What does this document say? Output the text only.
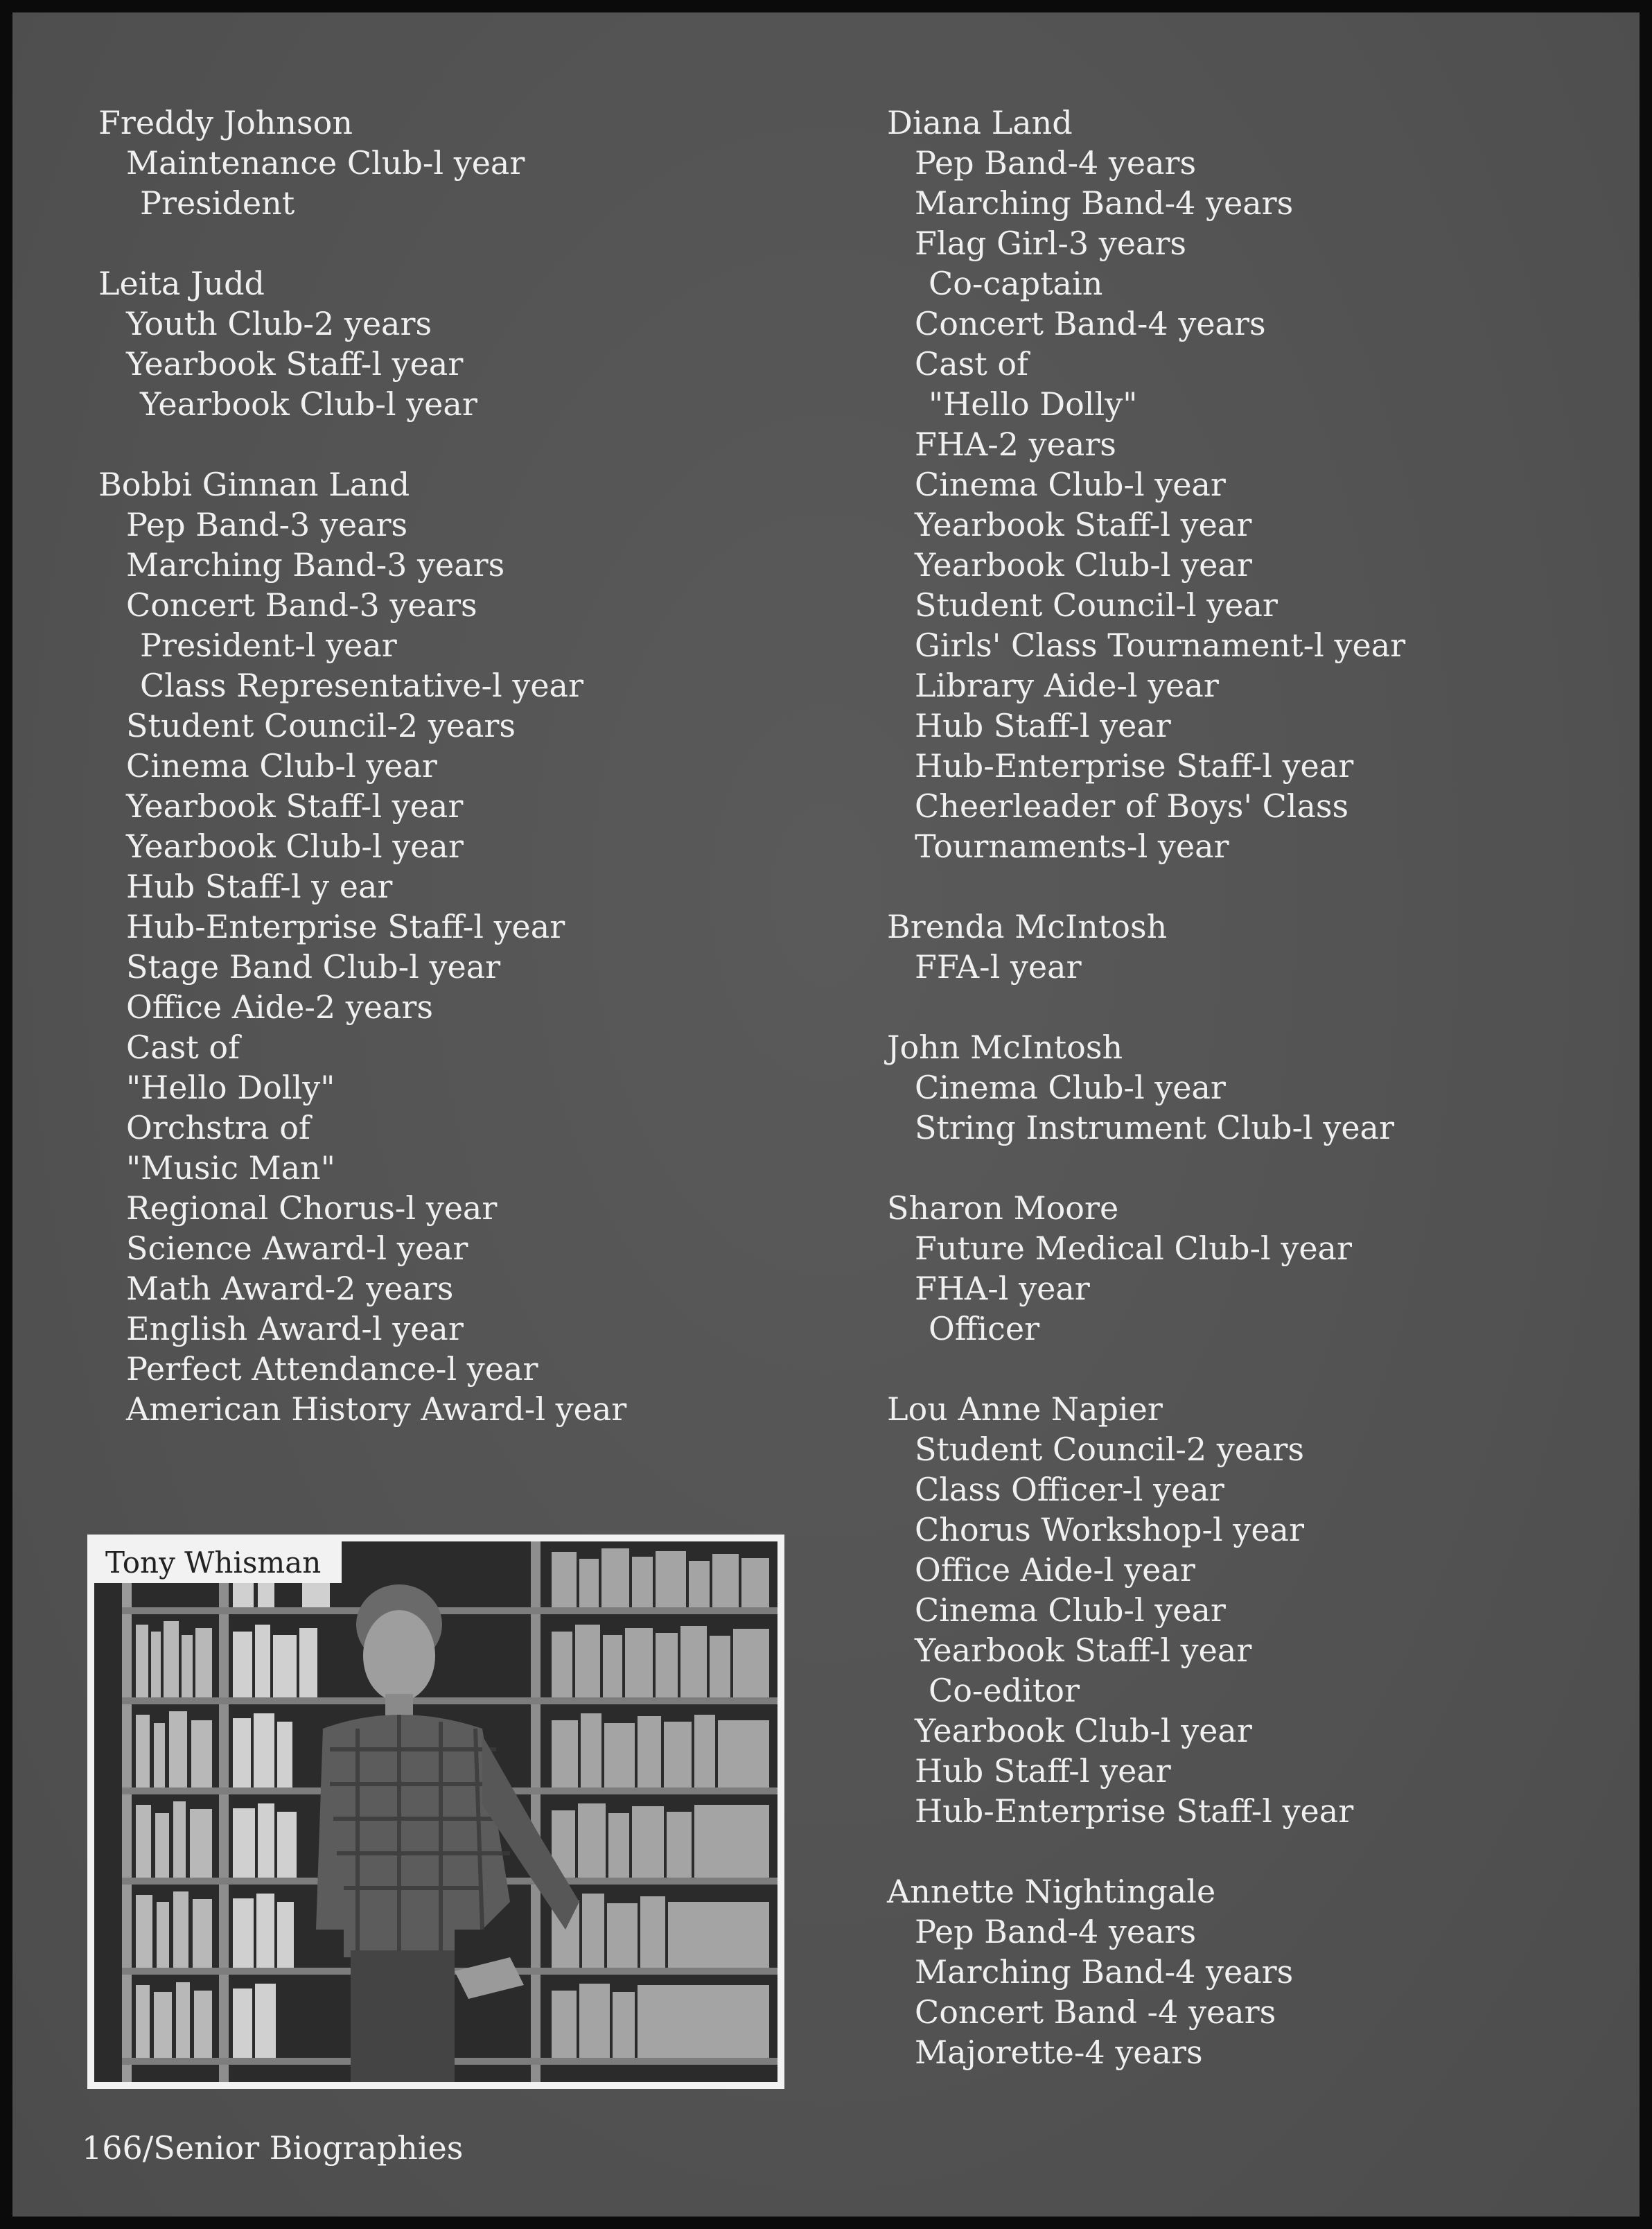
Freddy Johnson
Maintenance Club-l year
President
Leita Judd
Youth Club-2 years
Yearbook Staff-l year
Yearbook Club-l year
Bobbi Ginnan Land
Pep Band-3 years
Marching Band-3 years
Concert Band-3 years
President-l year
Class Representative-l year
Student Council-2 years
Cinema Club-l year
Yearbook Staff-l year
Yearbook Club-l year
Hub Staff-l y ear
Hub-Enterprise Staff-l year
Stage Band Club-l year
Office Aide-2 years
Cast of
"Hello Dolly"
Orchstra of
"Music Man"
Regional Chorus-l year
Science Award-l year
Math Award-2 years
English Award-l year
Perfect Attendance-l year
American History Award-l year
Diana Land
Pep Band-4 years
Marching Band-4 years
Flag Girl-3 years
Co-captain
Concert Band-4 years
Cast of
"Hello Dolly"
FHA-2 years
Cinema Club-l year
Yearbook Staff-l year
Yearbook Club-l year
Student Council-l year
Girls' Class Tournament-l year
Library Aide-l year
Hub Staff-l year
Hub-Enterprise Staff-l year
Cheerleader of Boys' Class
Tournaments-l year
Brenda McIntosh
FFA-l year
John McIntosh
Cinema Club-l year
String Instrument Club-l year
Sharon Moore
Future Medical Club-l year
FHA-l year
Officer
Lou Anne Napier
Student Council-2 years
Class Officer-l year
Chorus Workshop-l year
Office Aide-l year
Cinema Club-l year
Yearbook Staff-l year
Co-editor
Yearbook Club-l year
Hub Staff-l year
Hub-Enterprise Staff-l year
Annette Nightingale
Pep Band-4 years
Marching Band-4 years
Concert Band -4 years
Majorette-4 years
Tony Whisman
166/Senior Biographies
